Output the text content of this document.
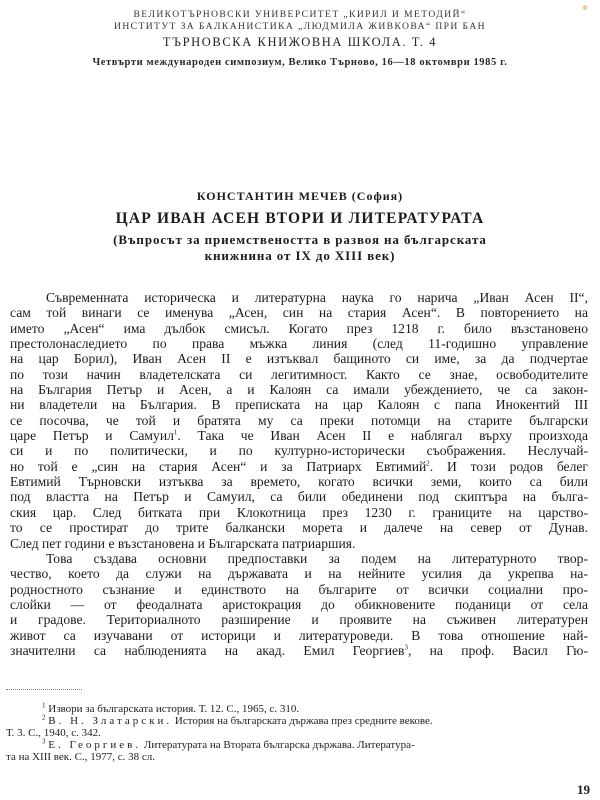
ВЕЛИКОТЪРНОВСКИ УНИВЕРСИТЕТ „КИРИЛ И МЕТОДИЙ“
ИНСТИТУТ ЗА БАЛКАНИСТИКА „ЛЮДМИЛА ЖИВКОВА“ ПРИ БАН
ТЪРНОВСКА КНИЖОВНА ШКОЛА. Т. 4
Четвърти международен симпозиум, Велико Търново, 16—18 октомври 1985 г.
КОНСТАНТИН МЕЧЕВ (София)
ЦАР ИВАН АСЕН ВТОРИ И ЛИТЕРАТУРАТА
(Въпросът за приемствеността в развоя на българската
книжнина от IX до XIII век)

Съвременната историческа и литературна наука го нарича „Иван Асен II“,
сам той винаги се именува „Асен, син на стария Асен“. В повторението на
името „Асен“ има дълбок смисъл. Когато през 1218 г. било възстановено
престолонаследието по права мъжка линия (след 11-годишно управление
на цар Борил), Иван Асен II е изтъквал бащиното си име, за да подчертае
по този начин владетелската си легитимност. Както се знае, освободителите
на България Петър и Асен, а и Калоян са имали убеждението, че са закон-
ни владетели на България. В преписката на цар Калоян с папа Инокентий III
се посочва, че той и братята му са преки потомци на старите български
царе Петър и Самуил$^1$. Така че Иван Асен II е наблягал върху произхода
си и по политически, и по културно-исторически съображения. Неслучай-
но той е „син на стария Асен“ и за Патриарх Евтимий$^2$. И този родов белег
Евтимий Търновски изтъква за времето, когато всички земи, които са били
под властта на Петър и Самуил, са били обединени под скиптъра на бълга-
ския цар. След битката при Клокотница през 1230 г. границите на царство-
то се простират до трите балкански морета и далече на север от Дунав.
След пет години е възстановена и Българската патриаршия.

Това създава основни предпоставки за подем на литературното твор-
чество, което да служи на държавата и на нейните усилия да укрепва на-
родностното съзнание и единството на българите от всички социални про-
слойки — от феодалната аристокрация до обикновените поданици от села
и градове. Териториалното разширение и проявите на съживен литературен
живот са изучавани от историци и литературоведи. В това отношение най-
значителни са наблюденията на акад. Емил Георгиев$^3$, на проф. Васил Гю-

$^1$ Извори за българската история. Т. 12. С., 1965, с. 310.
$^2$ В. Н. Златарски. История на българската държава през средните векове.
Т. 3. С., 1940, с. 342.
$^3$ Е. Георгиев. Литературата на Втората българска държава. Литература-
та на XIII век. С., 1977, с. 38 сл.
19
